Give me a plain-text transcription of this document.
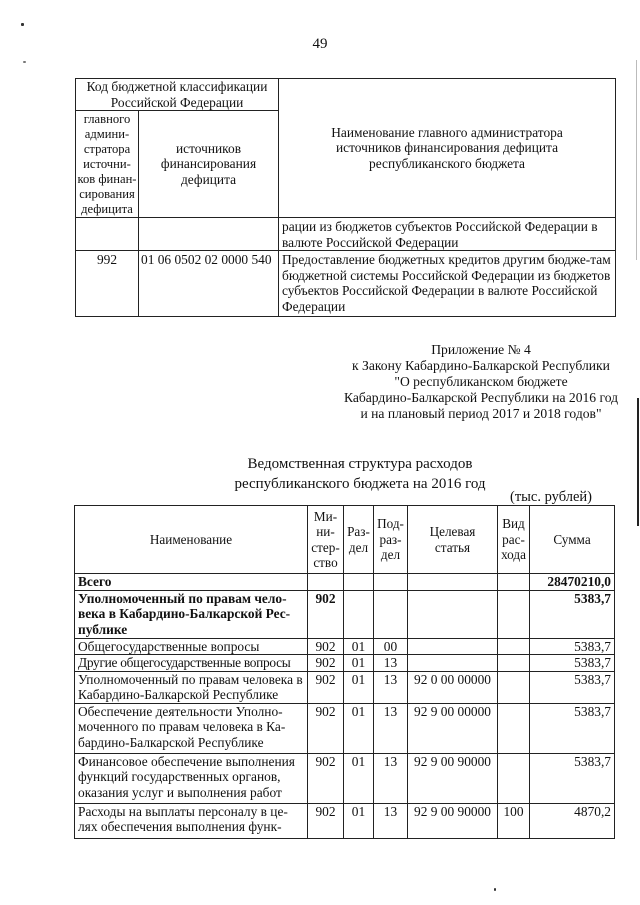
49
Код бюджетной классификации Российской Федерации		Наименование главного администратора источников финансирования дефицита республиканского бюджета
главного админи-стратора источни-ков финан-сирования дефицита	источников финансирования дефицита	
		рации из бюджетов субъектов Российской Федерации в валюте Российской Федерации
992	01 06 0502 02 0000 540	Предоставление бюджетных кредитов другим бюдже-там бюджетной системы Российской Федерации из бюджетов субъектов Российской Федерации в валюте Российской Федерации
Приложение № 4
к Закону Кабардино-Балкарской Республики
"О республиканском бюджете
Кабардино-Балкарской Республики на 2016 год
и на плановый период 2017 и 2018 годов"
Ведомственная структура расходов
республиканского бюджета на 2016 год
(тыс. рублей)
Наименование	Ми-ни-стер-ство	Раз-дел	Под-раз-дел	Целевая статья	Вид рас-хода	Сумма
Всего						28470210,0
Уполномоченный по правам чело-века в Кабардино-Балкарской Рес-публике	902					5383,7
Общегосударственные вопросы	902	01	00			5383,7
Другие общегосударственные вопросы	902	01	13			5383,7
Уполномоченный по правам человека в Кабардино-Балкарской Республике	902	01	13	92 0 00 00000		5383,7
Обеспечение деятельности Уполно-моченного по правам человека в Ка-бардино-Балкарской Республике	902	01	13	92 9 00 00000		5383,7
Финансовое обеспечение выполнения функций государственных органов, оказания услуг и выполнения работ	902	01	13	92 9 00 90000		5383,7
Расходы на выплаты персоналу в це-лях обеспечения выполнения функ-	902	01	13	92 9 00 90000	100	4870,2
